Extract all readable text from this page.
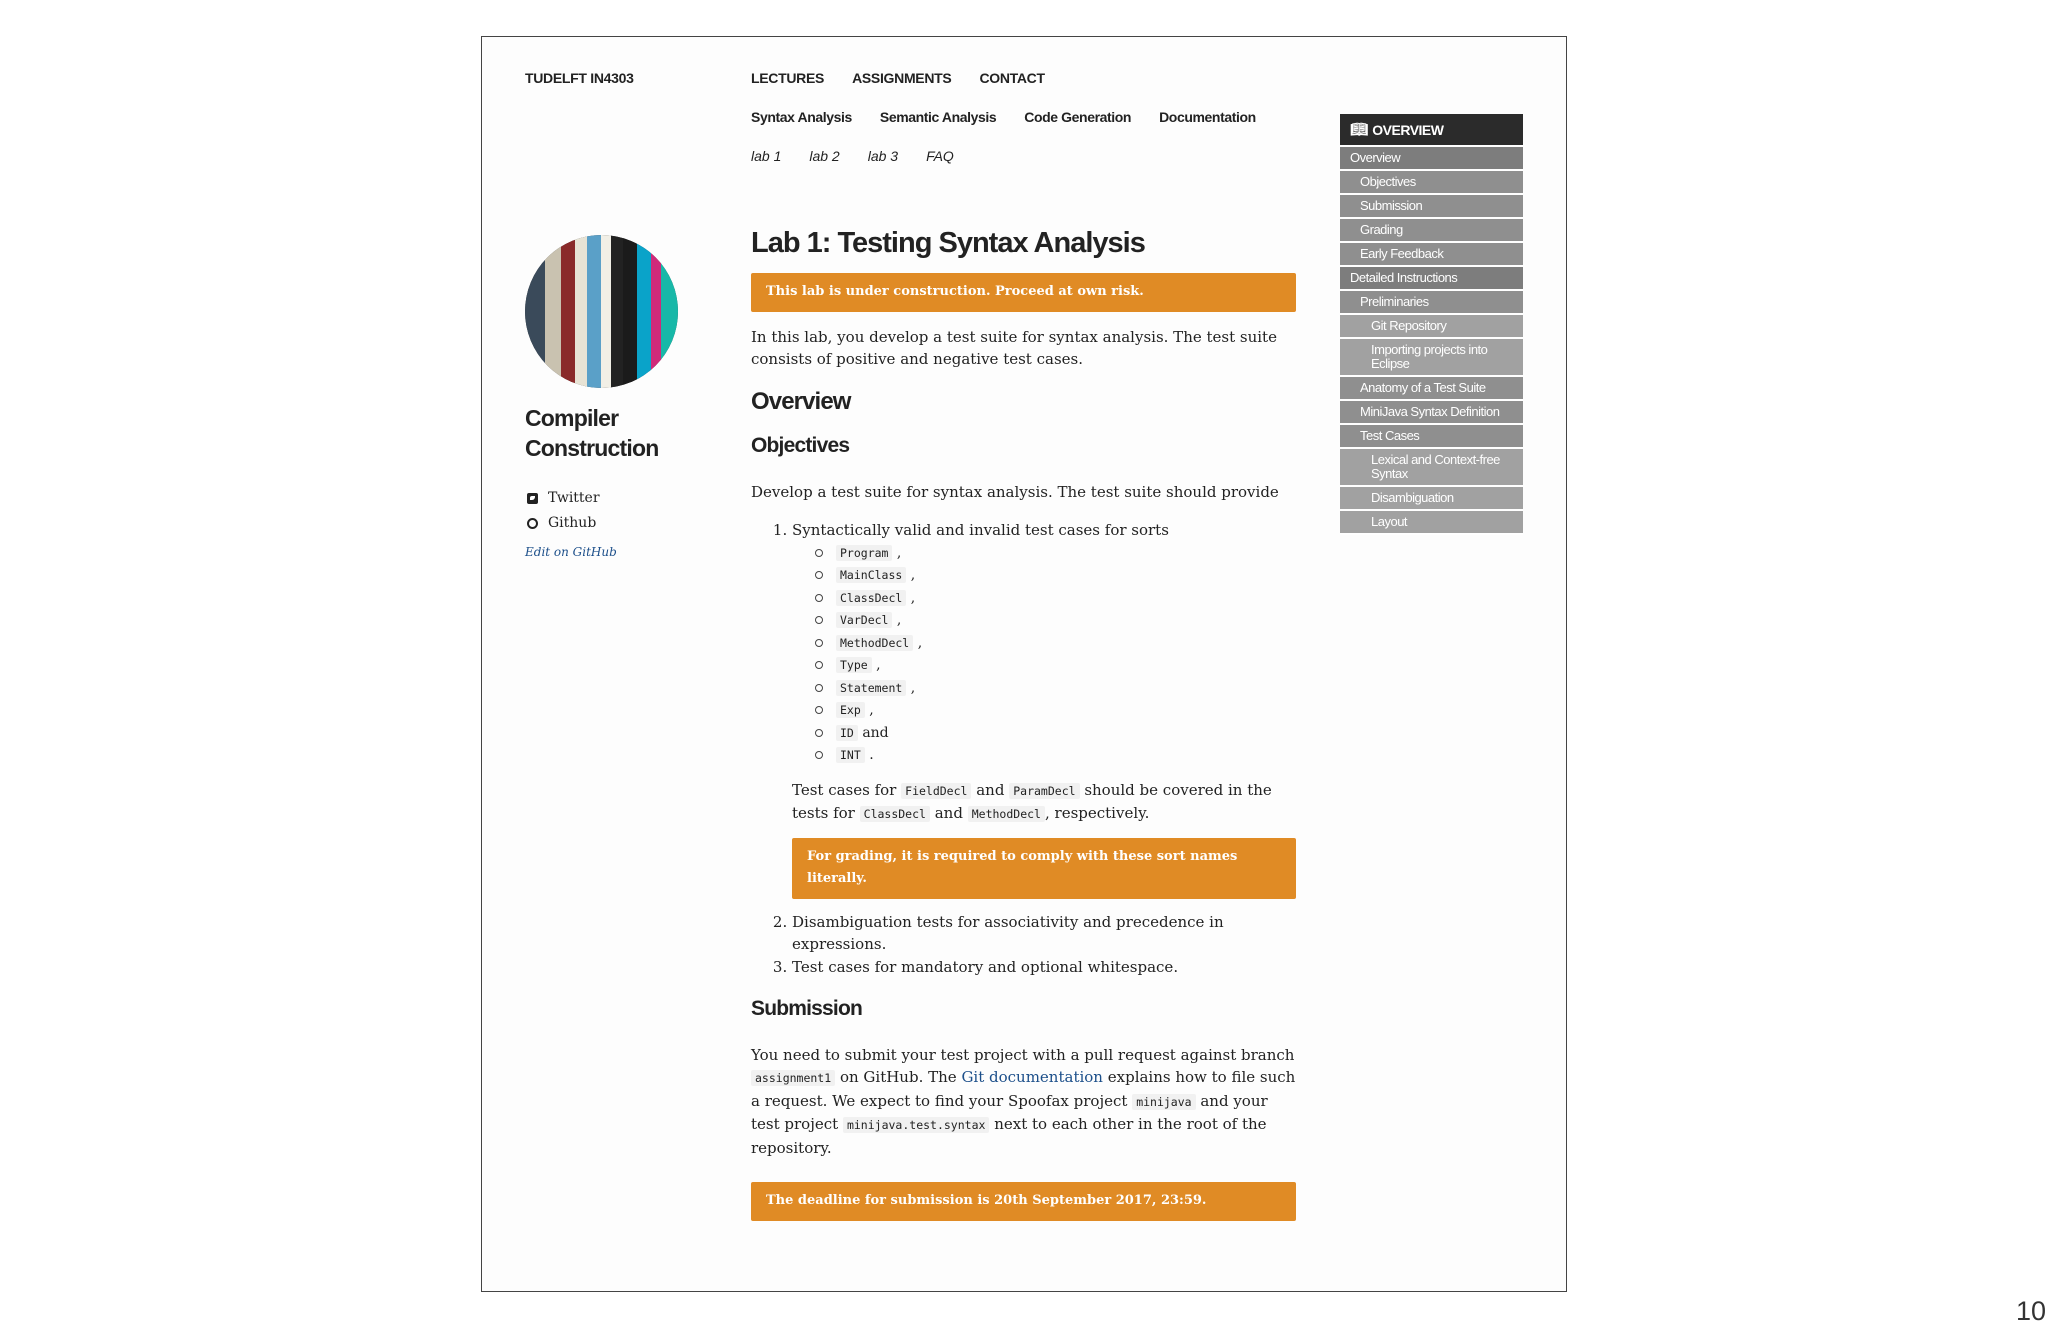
TUDELFT IN4303	LECTURES ASSIGNMENTS CONTACT
Syntax Analysis Semantic Analysis Code Generation Documentation
lab 1 lab 2 lab 3 FAQ
Compiler Construction
Twitter
Github
Edit on GitHub
Lab 1: Testing Syntax Analysis
This lab is under construction. Proceed at own risk.

In this lab, you develop a test suite for syntax analysis. The test suite consists of positive and negative test cases.

Overview
Objectives

Develop a test suite for syntax analysis. The test suite should provide

1. Syntactically valid and invalid test cases for sorts
Program ,
MainClass ,
ClassDecl ,
VarDecl ,
MethodDecl ,
Type ,
Statement ,
Exp ,
ID and
INT .

Test cases for FieldDecl and ParamDecl should be covered in the tests for ClassDecl and MethodDecl , respectively.

For grading, it is required to comply with these sort names literally.
2. Disambiguation tests for associativity and precedence in expressions.
3. Test cases for mandatory and optional whitespace.
Submission

You need to submit your test project with a pull request against branch assignment1 on GitHub. The Git documentation explains how to file such a request. We expect to find your Spoofax project minijava and your test project minijava.test.syntax next to each other in the root of the repository.

The deadline for submission is 20th September 2017, 23:59.
📖︎ OVERVIEW
Overview
Objectives
Submission
Grading
Early Feedback
Detailed Instructions
Preliminaries
Git Repository
Importing projects into Eclipse
Anatomy of a Test Suite
MiniJava Syntax Definition
Test Cases
Lexical and Context-free Syntax
Disambiguation
Layout
10
